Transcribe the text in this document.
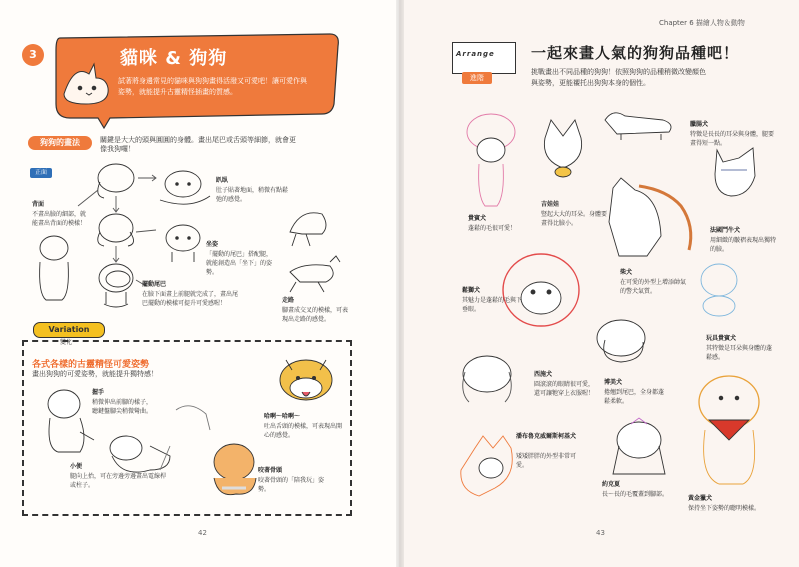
3	貓咪 & 狗狗
試著將身邊常見的貓咪與狗狗畫得活潑又可愛吧！讓可愛作與姿勢，就能提升古靈精怪插畫的質感。
狗狗的畫法	關鍵是大大的頭與圓圓的身體。畫出尾巴或舌頭等細節，就會更像我狗囉！
正面
背面
不畫出臉的細部，就能畫出背面的模樣！
趴臥
肚子貼著地面，稍微有點鬆弛的感覺。
坐姿
「擺動的尾巴」搭配腿，就能創造出「坐下」的姿勢。
擺動尾巴
在臉下面畫上前腿就完成了，畫出尾巴擺動的模樣可提升可愛感喔！	走路
腳畫成交叉的模樣，可表現出走路的感覺。
Variation
變化
各式各樣的古靈精怪可愛姿勢
畫出狗狗的可愛姿勢，就能提升獨特感！
握手
稍微伸出前腳的樣子，聽鍵盤腳尖稍微彎曲。
哈啊～哈啊～
吐出舌頭的模樣，可表現出開心的感覺。
小便
腿向上抬，可在旁邊旁邊畫出電線桿或柱子。
咬著骨頭
咬著骨頭的「陪我玩」姿勢。
42
Chapter 6 描繪人物＆動物
Arrange
進階
一起來畫人氣的狗狗品種吧！
挑戰畫出不同品種的狗狗！依照狗狗的品種稍微改變顏色與姿勢，更能襯托出狗狗本身的個性。
臘腸犬
特徵是長長的耳朵與身體，腿要畫得短一點。
貴賓犬
蓬鬆的毛很可愛！
吉娃娃
豎起大大的耳朵。身體要畫得比臉小。
法國鬥牛犬
用細緻的皺褶表現出獨特的臉。
鬆獅犬
其魅力是蓬鬆的毛與下垂眼。
柴犬
在可愛的外型上增添帥氣的警犬氣質。
玩具貴賓犬
其特徵是耳朵與身體的蓬鬆感。
西施犬
圓滾滾的眼睛很可愛，還可讓牠穿上衣服喔！
博美犬
捲翹到尾巴，全身都蓬鬆柔軟。
潘布魯克威爾斯柯基犬
矮矮胖胖的外型非常可愛。
約克夏
長～長的毛覆蓋到腳部。
黃金獵犬
保持坐下姿勢的聰明模樣。
43
